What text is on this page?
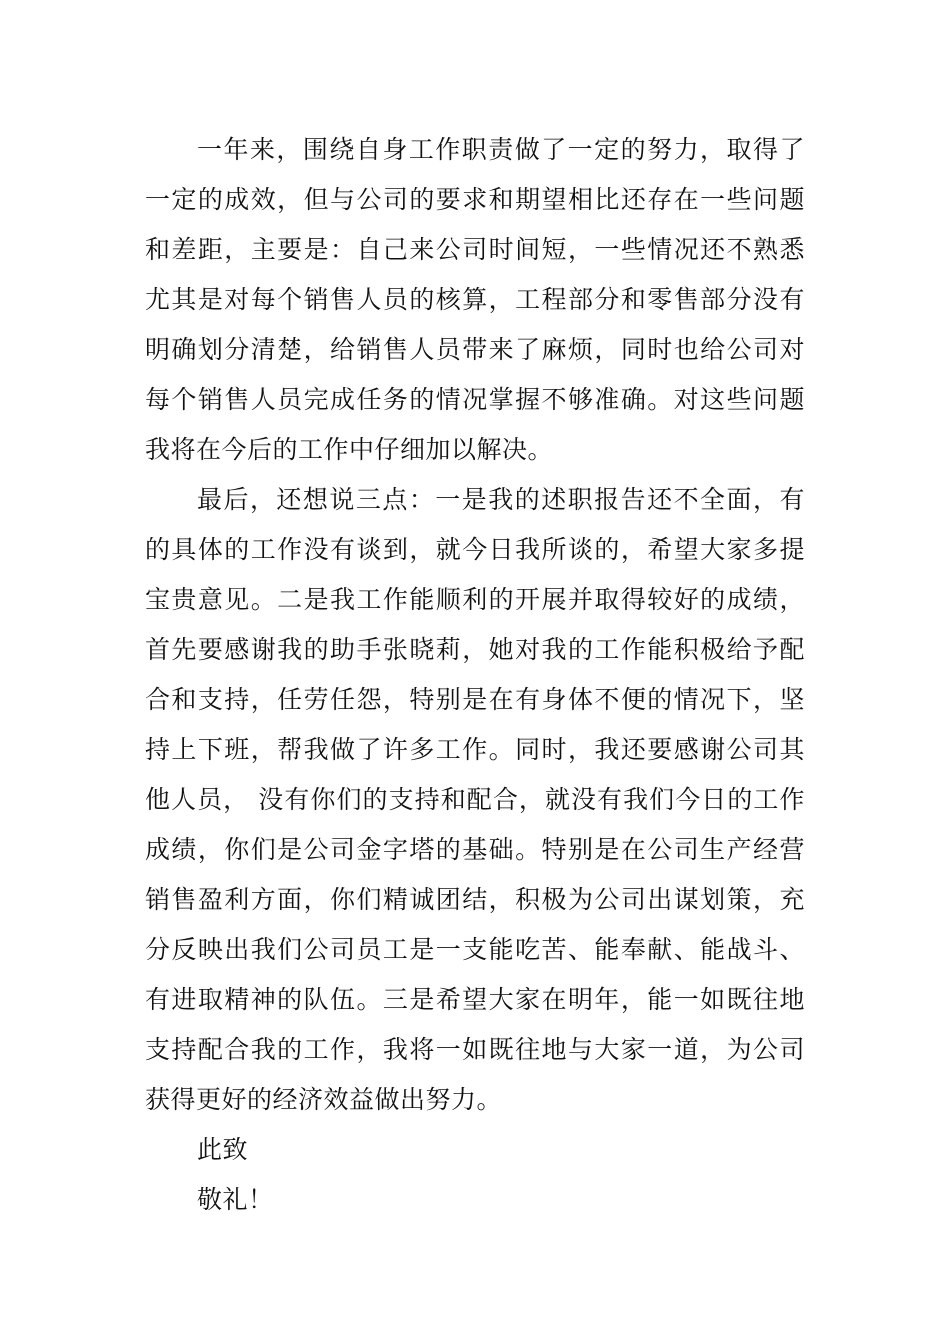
一年来，围绕自身工作职责做了一定的努力，取得了
一定的成效，但与公司的要求和期望相比还存在一些问题
和差距，主要是：自己来公司时间短，一些情况还不熟悉
尤其是对每个销售人员的核算，工程部分和零售部分没有
明确划分清楚，给销售人员带来了麻烦，同时也给公司对
每个销售人员完成任务的情况掌握不够准确。对这些问题
我将在今后的工作中仔细加以解决。
最后，还想说三点：一是我的述职报告还不全面，有
的具体的工作没有谈到，就今日我所谈的，希望大家多提
宝贵意见。二是我工作能顺利的开展并取得较好的成绩，
首先要感谢我的助手张晓莉，她对我的工作能积极给予配
合和支持，任劳任怨，特别是在有身体不便的情况下，坚
持上下班，帮我做了许多工作。同时，我还要感谢公司其
他人员， 没有你们的支持和配合，就没有我们今日的工作
成绩，你们是公司金字塔的基础。特别是在公司生产经营
销售盈利方面，你们精诚团结，积极为公司出谋划策，充
分反映出我们公司员工是一支能吃苦、能奉献、能战斗、
有进取精神的队伍。三是希望大家在明年，能一如既往地
支持配合我的工作，我将一如既往地与大家一道，为公司
获得更好的经济效益做出努力。
此致
敬礼！
